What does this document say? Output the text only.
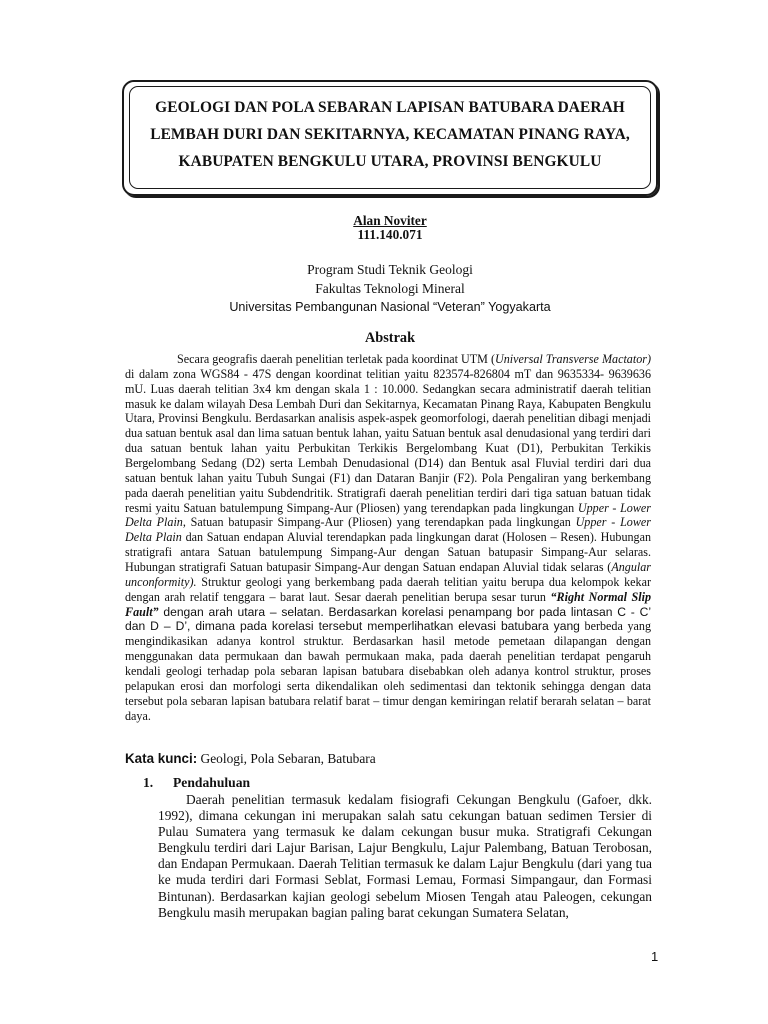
GEOLOGI DAN POLA SEBARAN LAPISAN BATUBARA DAERAH
LEMBAH DURI DAN SEKITARNYA, KECAMATAN PINANG RAYA,
KABUPATEN BENGKULU UTARA, PROVINSI BENGKULU
Alan Noviter
111.140.071
Program Studi Teknik Geologi
Fakultas Teknologi Mineral
Universitas Pembangunan Nasional “Veteran” Yogyakarta
Abstrak

Secara geografis daerah penelitian terletak pada koordinat UTM (Universal Transverse Mactator) di dalam zona WGS84 - 47S dengan koordinat telitian yaitu 823574-826804 mT dan 9635334- 9639636 mU. Luas daerah telitian 3x4 km dengan skala 1 : 10.000. Sedangkan secara administratif daerah telitian masuk ke dalam wilayah Desa Lembah Duri dan Sekitarnya, Kecamatan Pinang Raya, Kabupaten Bengkulu Utara, Provinsi Bengkulu. Berdasarkan analisis aspek-aspek geomorfologi, daerah penelitian dibagi menjadi dua satuan bentuk asal dan lima satuan bentuk lahan, yaitu Satuan bentuk asal denudasional yang terdiri dari dua satuan bentuk lahan yaitu Perbukitan Terkikis Bergelombang Kuat (D1), Perbukitan Terkikis Bergelombang Sedang (D2) serta Lembah Denudasional (D14) dan Bentuk asal Fluvial terdiri dari dua satuan bentuk lahan yaitu Tubuh Sungai (F1) dan Dataran Banjir (F2). Pola Pengaliran yang berkembang pada daerah penelitian yaitu Subdendritik. Stratigrafi daerah penelitian terdiri dari tiga satuan batuan tidak resmi yaitu Satuan batulempung Simpang-Aur (Pliosen) yang terendapkan pada lingkungan Upper - Lower Delta Plain, Satuan batupasir Simpang-Aur (Pliosen) yang terendapkan pada lingkungan Upper - Lower Delta Plain dan Satuan endapan Aluvial terendapkan pada lingkungan darat (Holosen – Resen). Hubungan stratigrafi antara Satuan batulempung Simpang-Aur dengan Satuan batupasir Simpang-Aur selaras. Hubungan stratigrafi Satuan batupasir Simpang-Aur dengan Satuan endapan Aluvial tidak selaras (Angular unconformity). Struktur geologi yang berkembang pada daerah telitian yaitu berupa dua kelompok kekar dengan arah relatif tenggara – barat laut. Sesar daerah penelitian berupa sesar turun “Right Normal Slip Fault” dengan arah utara – selatan. Berdasarkan korelasi penampang bor pada lintasan C - C’ dan D – D’, dimana pada korelasi tersebut memperlihatkan elevasi batubara yang berbeda yang mengindikasikan adanya kontrol struktur. Berdasarkan hasil metode pemetaan dilapangan dengan menggunakan data permukaan dan bawah permukaan maka, pada daerah penelitian terdapat pengaruh kendali geologi terhadap pola sebaran lapisan batubara disebabkan oleh adanya kontrol struktur, proses pelapukan erosi dan morfologi serta dikendalikan oleh sedimentasi dan tektonik sehingga dengan data tersebut pola sebaran lapisan batubara relatif barat – timur dengan kemiringan relatif berarah selatan – barat daya.

Kata kunci: Geologi, Pola Sebaran, Batubara
1. Pendahuluan

Daerah penelitian termasuk kedalam fisiografi Cekungan Bengkulu (Gafoer, dkk. 1992), dimana cekungan ini merupakan salah satu cekungan batuan sedimen Tersier di Pulau Sumatera yang termasuk ke dalam cekungan busur muka. Stratigrafi Cekungan Bengkulu terdiri dari Lajur Barisan, Lajur Bengkulu, Lajur Palembang, Batuan Terobosan, dan Endapan Permukaan. Daerah Telitian termasuk ke dalam Lajur Bengkulu (dari yang tua ke muda terdiri dari Formasi Seblat, Formasi Lemau, Formasi Simpangaur, dan Formasi Bintunan). Berdasarkan kajian geologi sebelum Miosen Tengah atau Paleogen, cekungan Bengkulu masih merupakan bagian paling barat cekungan Sumatera Selatan,

1
